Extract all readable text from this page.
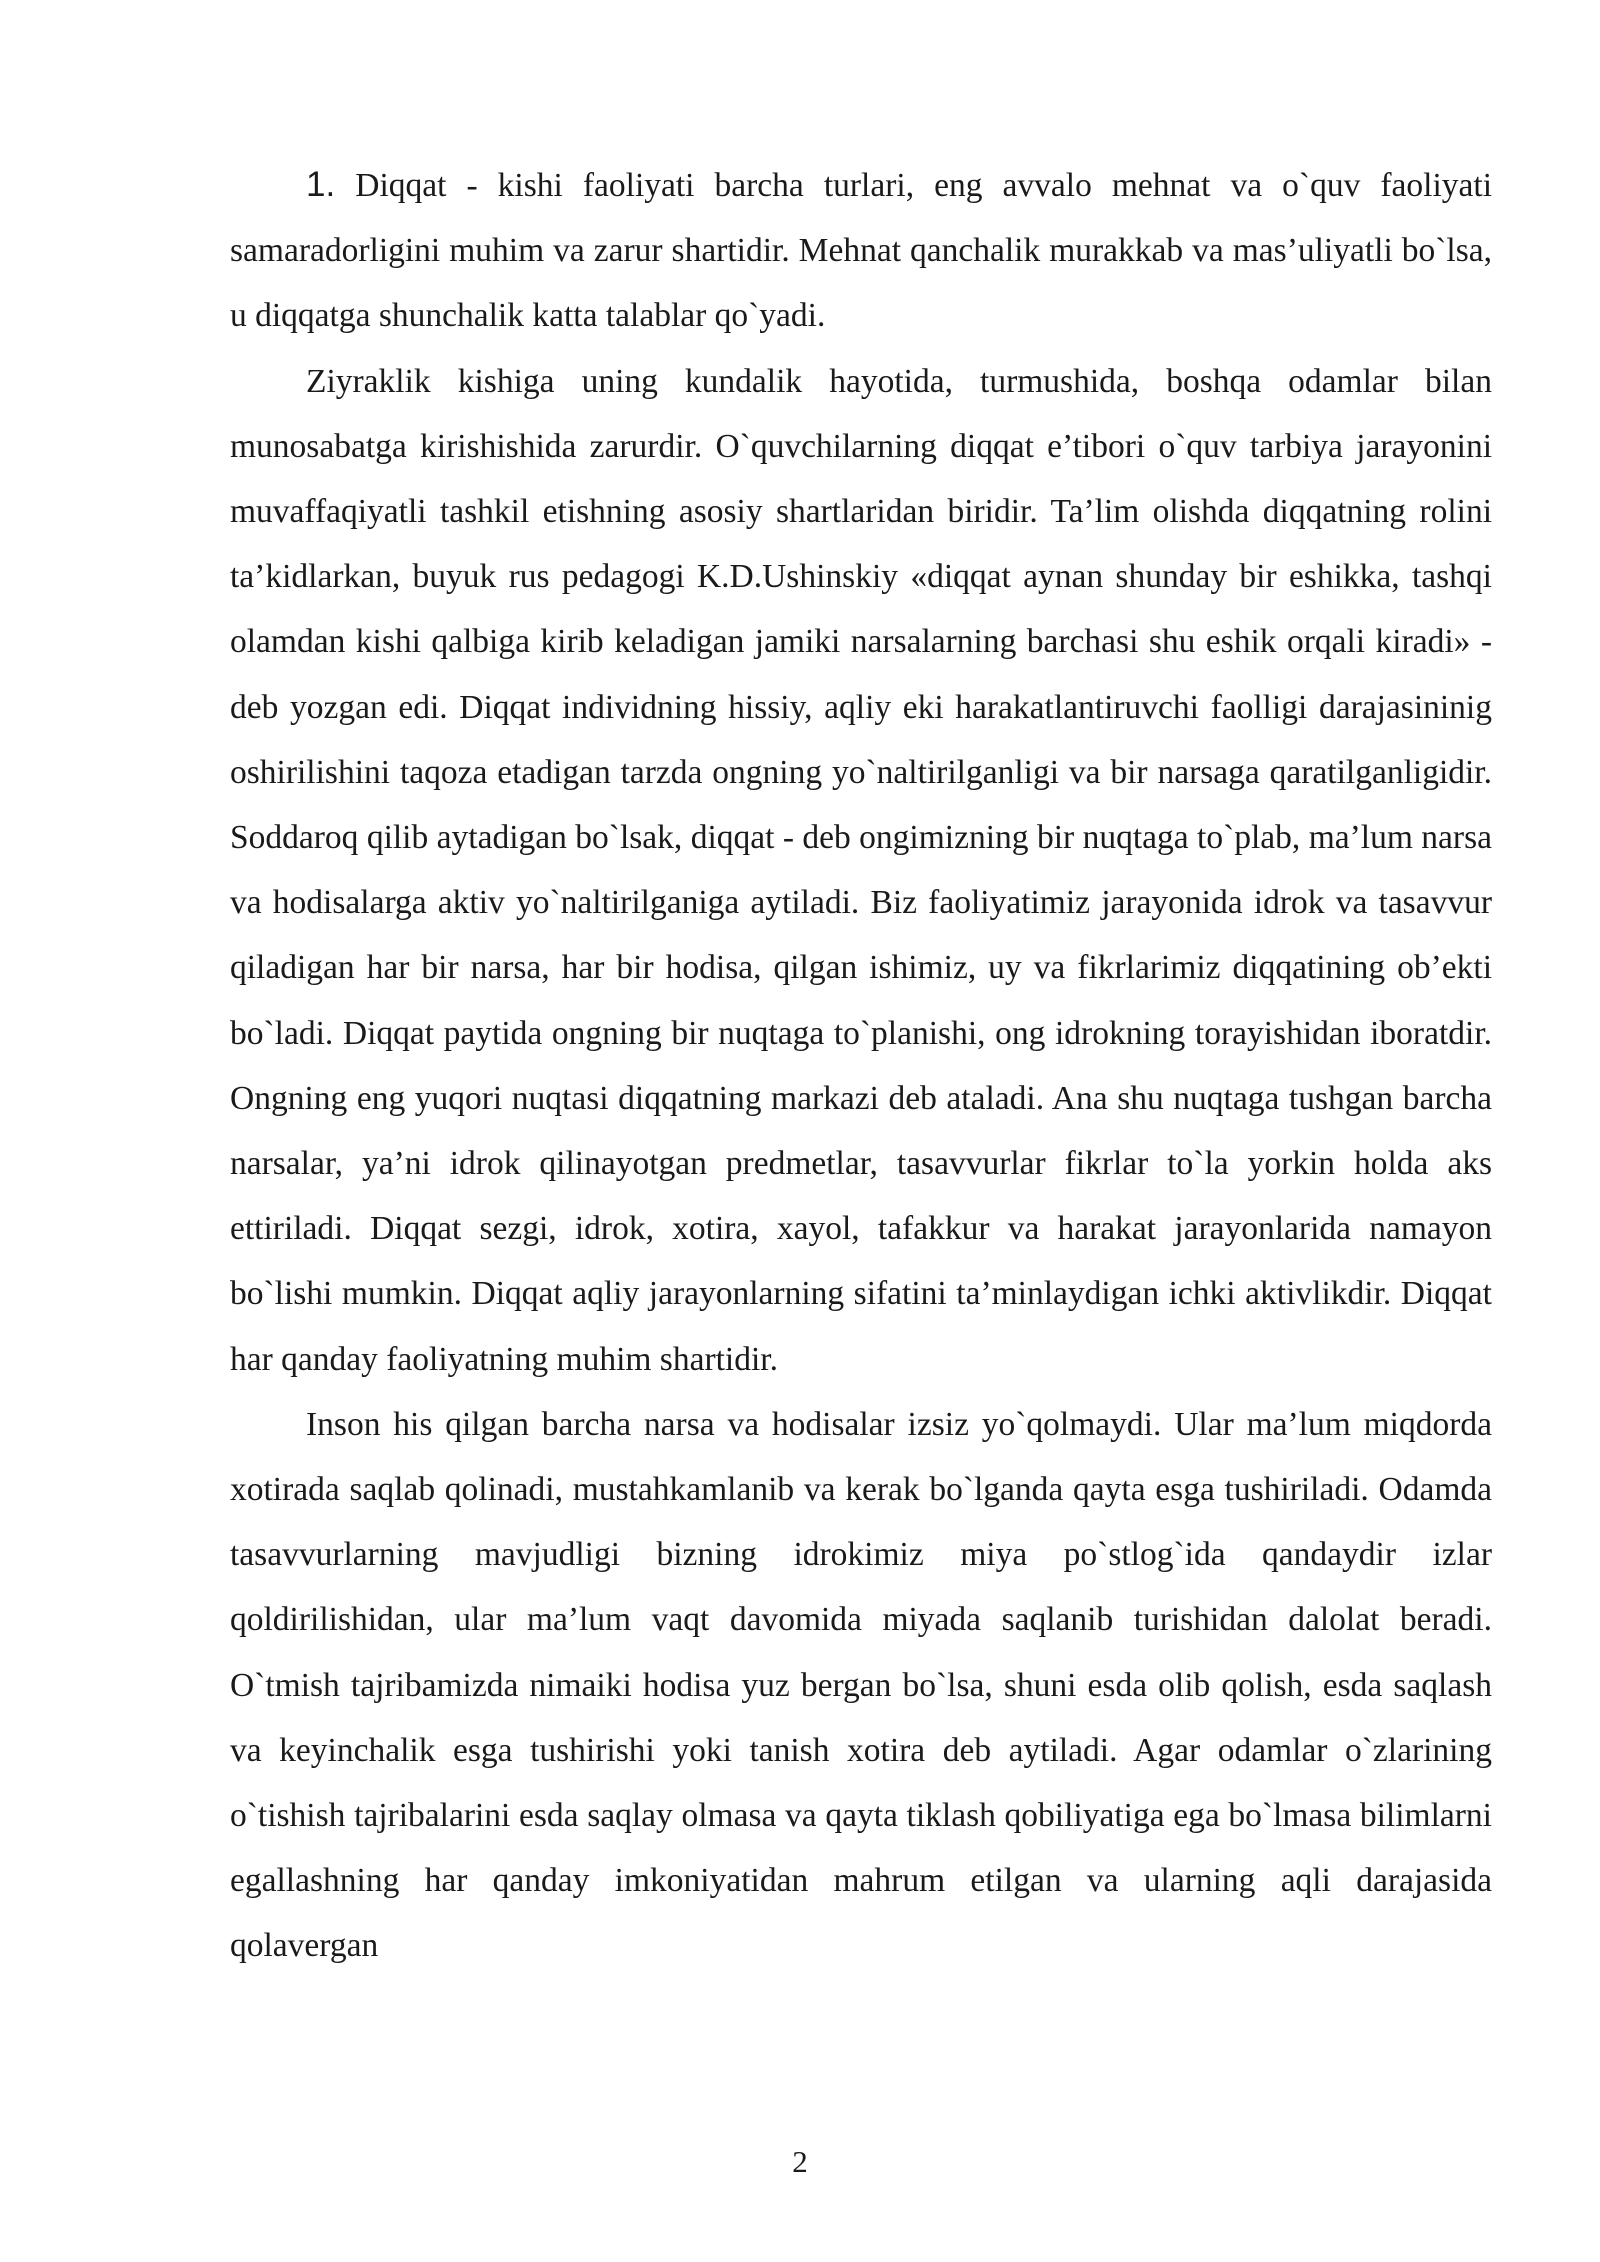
1. Diqqat - kishi faoliyati barcha turlari, eng avvalo mehnat va o`quv faoliyati samaradorligini muhim va zarur shartidir. Mehnat qanchalik murakkab va mas’uliyatli bo`lsa, u diqqatga shunchalik katta talablar qo`yadi.

Ziyraklik kishiga uning kundalik hayotida, turmushida, boshqa odamlar bilan munosabatga kirishishida zarurdir. O`quvchilarning diqqat e’tibori o`quv tarbiya jarayonini muvaffaqiyatli tashkil etishning asosiy shartlaridan biridir. Ta’lim olishda diqqatning rolini ta’kidlarkan, buyuk rus pedagogi K.D.Ushinskiy «diqqat aynan shunday bir eshikka, tashqi olamdan kishi qalbiga kirib keladigan jamiki narsalarning barchasi shu eshik orqali kiradi» - deb yozgan edi. Diqqat individning hissiy, aqliy eki harakatlantiruvchi faolligi darajasininig oshirilishini taqoza etadigan tarzda ongning yo`naltirilganligi va bir narsaga qaratilganligidir. Soddaroq qilib aytadigan bo`lsak, diqqat - deb ongimizning bir nuqtaga to`plab, ma’lum narsa va hodisalarga aktiv yo`naltirilganiga aytiladi. Biz faoliyatimiz jarayonida idrok va tasavvur qiladigan har bir narsa, har bir hodisa, qilgan ishimiz, uy va fikrlarimiz diqqatining ob’ekti bo`ladi. Diqqat paytida ongning bir nuqtaga to`planishi, ong idrokning torayishidan iboratdir. Ongning eng yuqori nuqtasi diqqatning markazi deb ataladi. Ana shu nuqtaga tushgan barcha narsalar, ya’ni idrok qilinayotgan predmetlar, tasavvurlar fikrlar to`la yorkin holda aks ettiriladi. Diqqat sezgi, idrok, xotira, xayol, tafakkur va harakat jarayonlarida namayon bo`lishi mumkin. Diqqat aqliy jarayonlarning sifatini ta’minlaydigan ichki aktivlikdir. Diqqat har qanday faoliyatning muhim shartidir.

Inson his qilgan barcha narsa va hodisalar izsiz yo`qolmaydi. Ular ma’lum miqdorda xotirada saqlab qolinadi, mustahkamlanib va kerak bo`lganda qayta esga tushiriladi. Odamda tasavvurlarning mavjudligi bizning idrokimiz miya po`stlog`ida qandaydir izlar qoldirilishidan, ular ma’lum vaqt davomida miyada saqlanib turishidan dalolat beradi. O`tmish tajribamizda nimaiki hodisa yuz bergan bo`lsa, shuni esda olib qolish, esda saqlash va keyinchalik esga tushirishi yoki tanish xotira deb aytiladi. Agar odamlar o`zlarining o`tishish tajribalarini esda saqlay olmasa va qayta tiklash qobiliyatiga ega bo`lmasa bilimlarni egallashning har qanday imkoniyatidan mahrum etilgan va ularning aqli darajasida qolavergan

2
